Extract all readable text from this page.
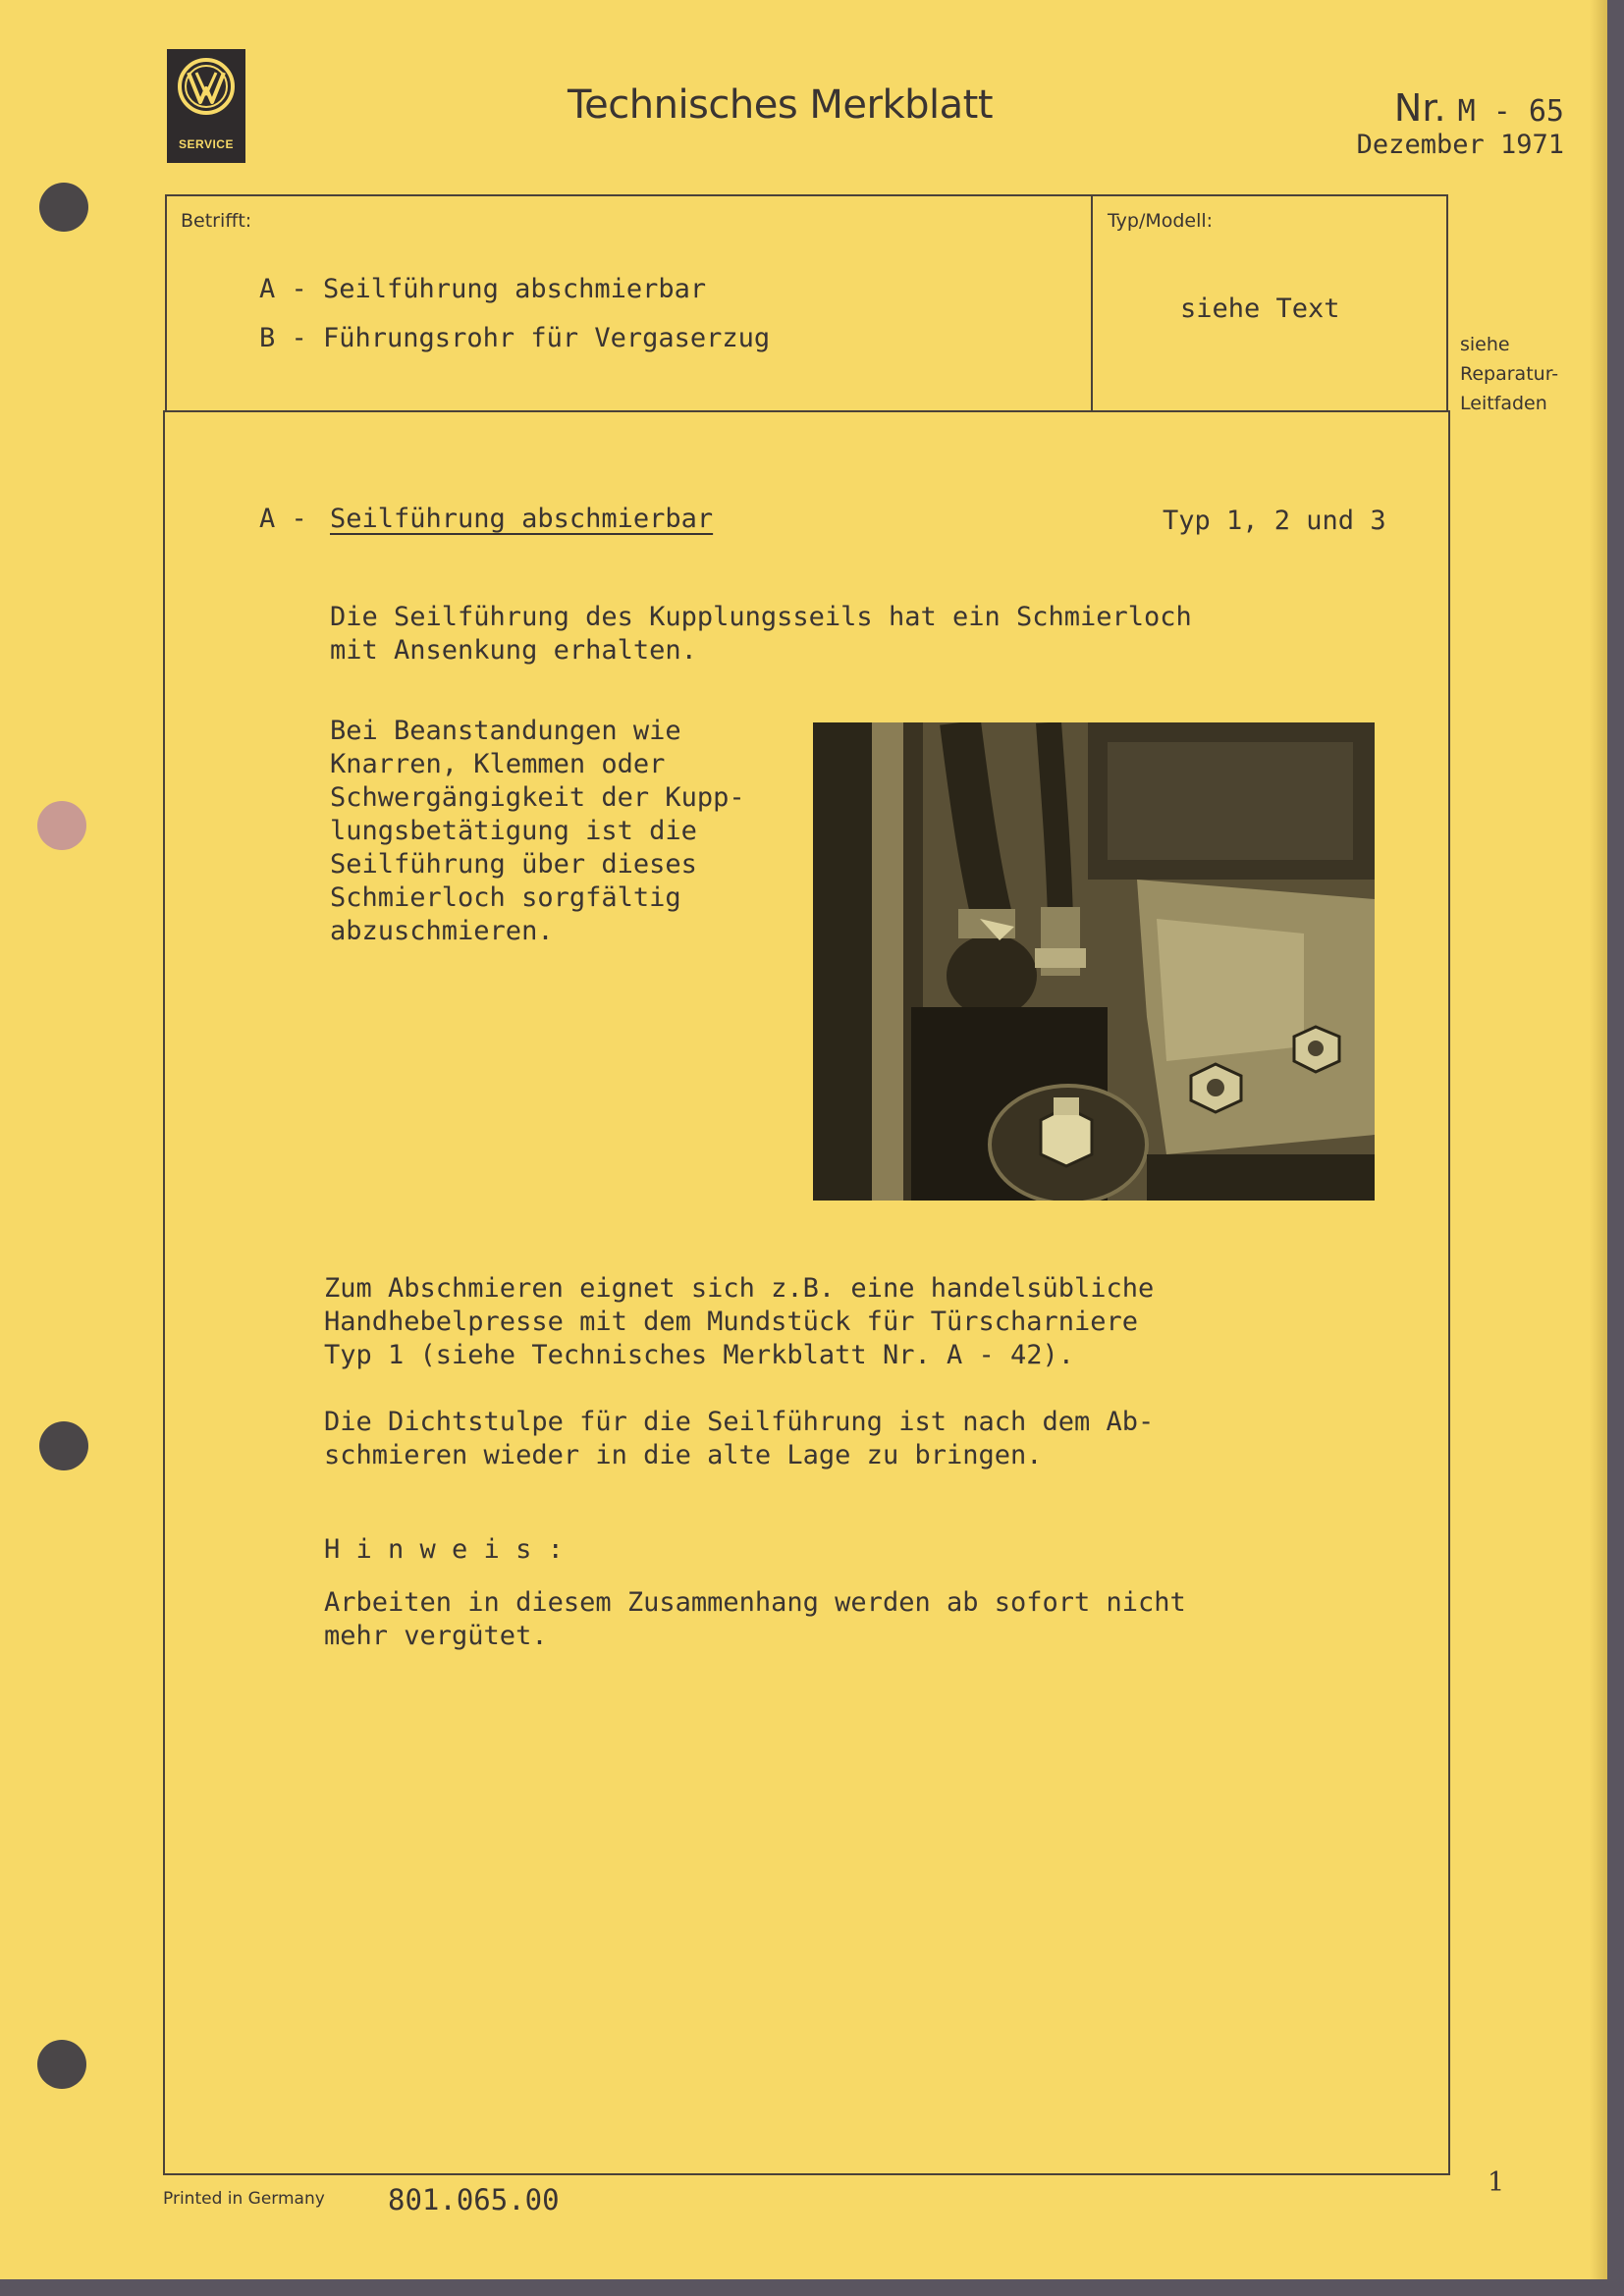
SERVICE
Technisches Merkblatt	Nr. M - 65
Dezember 1971
Betrifft:
A - Seilführung abschmierbar
B - Führungsrohr für Vergaserzug
Typ/Modell:
siehe Text
siehe
Reparatur-
Leitfaden
A - Seilführung abschmierbar	Typ 1, 2 und 3
Die Seilführung des Kupplungsseils hat ein Schmierloch
mit Ansenkung erhalten.
Bei Beanstandungen wie
Knarren, Klemmen oder
Schwergängigkeit der Kupp-
lungsbetätigung ist die
Seilführung über dieses
Schmierloch sorgfältig
abzuschmieren.
Zum Abschmieren eignet sich z.B. eine handelsübliche
Handhebelpresse mit dem Mundstück für Türscharniere
Typ 1 (siehe Technisches Merkblatt Nr. A - 42).
Die Dichtstulpe für die Seilführung ist nach dem Ab-
schmieren wieder in die alte Lage zu bringen.
H i n w e i s :
Arbeiten in diesem Zusammenhang werden ab sofort nicht
mehr vergütet.
Printed in Germany 801.065.00
1
